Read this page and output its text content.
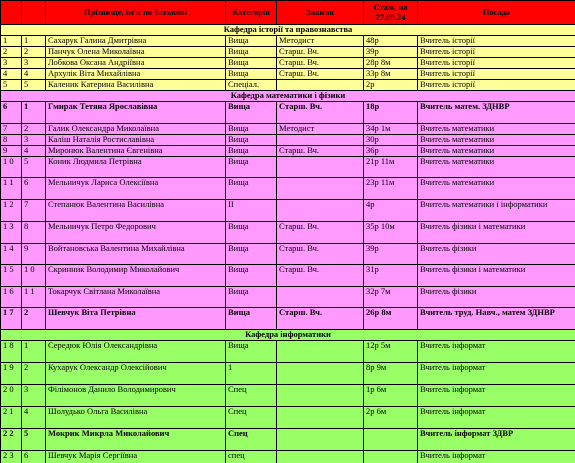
		Прізвище, ім'я по батькові	Категорія	Звання	Стаж, на 27.09.24	Посада
Кафедра історії та правознавства						
1	1	Сахарук Галина Дмитрівна	Вища	Методист	48р	Вчитель історії
2	2	Панчук Олена Миколаївна	Вища	Старш. Вч.	39р	Вчитель історії
3	3	Лобкова Оксана Андріївна	Вища	Старш. Вч.	28р 8м	Вчитель історії
4	4	Архулік Віта Михайлівна	Вища	Старш. Вч.	33р 8м	Вчитель історії
5	5	Каленик Катерина Василівна	Спеціал.		2р	Вчитель історії
Кафедра математики і фізики						
6	1	Гмирак Тетяна Ярославівна	Вища	Старш. Вч.	18р	Вчитель матем. ЗДНВР
7	2	Галик Олександра Миколаївна	Вища	Методист	34р 1м	Вчитель математики
8	3	Каліш Наталія Ростиславівна	Вища		30р	Вчитель математики
9	4	Миронюк Валентина Євгенівна	Вища	Старш. Вч.	36р	Вчитель математики
1 0	5	Коник Людмила Петрівна	Вища		21р 11м	Вчитель математики
1 1	6	Мельничук Лариса Олексіївна	Вища		23р 11м	Вчитель математики
1 2	7	Степанюк Валентина Василівна	ІІ		4р	Вчитель математики і інформатики
1 3	8	Мельничук Петро Федорович	Вища	Старш. Вч.	35р 10м	Вчитель фізики і математики
1 4	9	Войтановська Валентина Михайлівна	Вища	Старш. Вч.	39р	Вчитель фізики
1 5	1 0	Скринник Володимир Миколайович	Вища	Старш. Вч.	31р	Вчитель фізики і математики
1 6	1 1	Токарчук Світлана Миколаївна	Вища		32р 7м	Вчитель фізики
1 7	2	Шевчук Віта Петрівна	Вища	Старш. Вч.	26р 8м	Вчитель труд. Навч., матем ЗДНВР
Кафедра інформатики						
1 8	1	Середюк Юлія Олександрівна	Вища		12р 5м	Вчитель інформат
1 9	2	Кухарук Олександр Олексійович	1		8р 9м	Вчитель інформат
2 0	3	Філімонов Данило Володимирович	Спец		1р 6м	Вчитель інформат
2 1	4	Шолудько Ольга Василівна	Спец		2р 6м	Вчитель інформат
2 2	5	Мокрик Микрла Миколайович	Спец			Вчитель інформат ЗДВР
2 3	6	Шевчук Марія Сергіївна	спец			Вчитель інформат
